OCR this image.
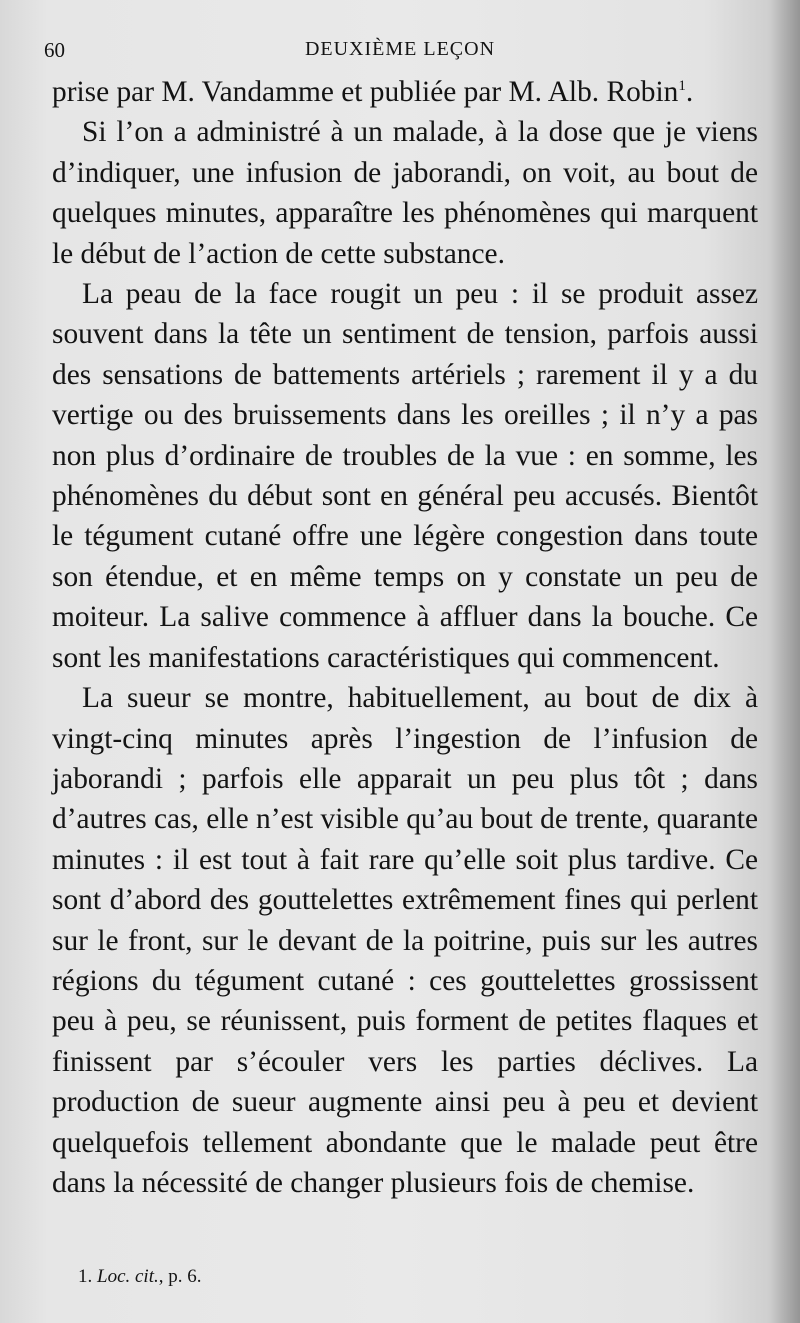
60	DEUXIÈME LEÇON

prise par M. Vandamme et publiée par M. Alb. Robin$^1$.

Si l’on a administré à un malade, à la dose que je viens d’indiquer, une infusion de jaborandi, on voit, au bout de quelques minutes, apparaître les phénomènes qui marquent le début de l’action de cette substance.

La peau de la face rougit un peu : il se produit assez souvent dans la tête un sentiment de tension, parfois aussi des sensations de battements artériels ; rarement il y a du vertige ou des bruissements dans les oreilles ; il n’y a pas non plus d’ordinaire de troubles de la vue : en somme, les phénomènes du début sont en général peu accusés. Bientôt le tégument cutané offre une légère congestion dans toute son étendue, et en même temps on y constate un peu de moiteur. La salive commence à affluer dans la bouche. Ce sont les manifestations caractéristiques qui commencent.

La sueur se montre, habituellement, au bout de dix à vingt-cinq minutes après l’ingestion de l’infusion de jaborandi ; parfois elle apparait un peu plus tôt ; dans d’autres cas, elle n’est visible qu’au bout de trente, quarante minutes : il est tout à fait rare qu’elle soit plus tardive. Ce sont d’abord des gouttelettes extrêmement fines qui perlent sur le front, sur le devant de la poitrine, puis sur les autres régions du tégument cutané : ces gouttelettes grossissent peu à peu, se réunissent, puis forment de petites flaques et finissent par s’écouler vers les parties déclives. La production de sueur augmente ainsi peu à peu et devient quelquefois tellement abondante que le malade peut être dans la nécessité de changer plusieurs fois de chemise.

1. Loc. cit., p. 6.
